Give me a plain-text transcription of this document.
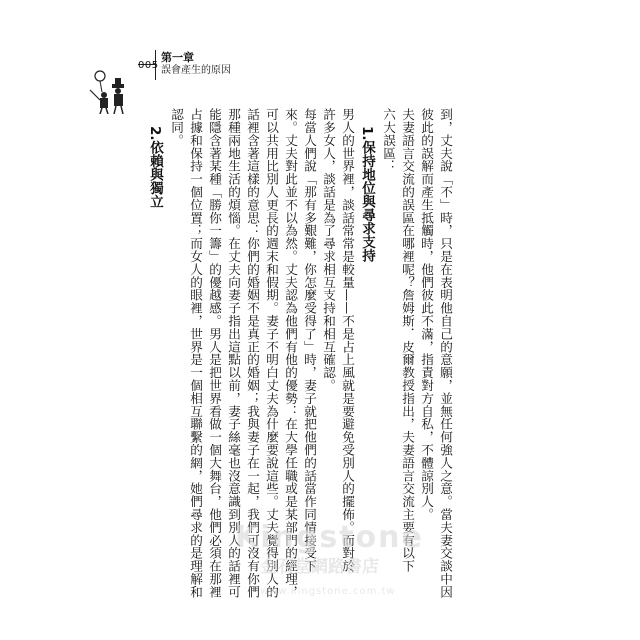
005
第一章
誤會產生的原因
到，丈夫說「不」時，只是在表明他自己的意願，並無任何強人之意。當夫妻交談中因
彼此的誤解而產生抵觸時，他們彼此不滿，指責對方自私，不體諒別人。
夫妻語言交流的誤區在哪裡呢？詹姆斯．皮爾教授指出，夫妻語言交流主要有以下
六大誤區：
1.保持地位與尋求支持
男人的世界裡，談話常常是較量——不是占上風就是要避免受別人的擺佈。而對於
許多女人，談話是為了尋求相互支持和相互確認。
每當人們說「那有多艱難，你怎麼受得了」時，妻子就把他們的話當作同情接受下
來。丈夫對此並不以為然。丈夫認為他們有他的優勢：在大學任職或是某部門的經理，
可以共用比別人更長的週末和假期。妻子不明白丈夫為什麼要說這些。丈夫覺得別人的
話裡含著這樣的意思：你們的婚姻不是真正的婚姻；我與妻子在一起，我們可沒有你們
那種兩地生活的煩惱。在丈夫向妻子指出這點以前，妻子絲毫也沒意識到別人的話裡可
能隱含著某種「勝你一籌」的優越感。男人是把世界看做一個大舞台，他們必須在那裡
占據和保持一個位置；而女人的眼裡，世界是一個相互聯繫的網，她們尋求的是理解和
認同。
2.依賴與獨立
Kingstone
金石堂網路書店
www.kingstone.com.tw
